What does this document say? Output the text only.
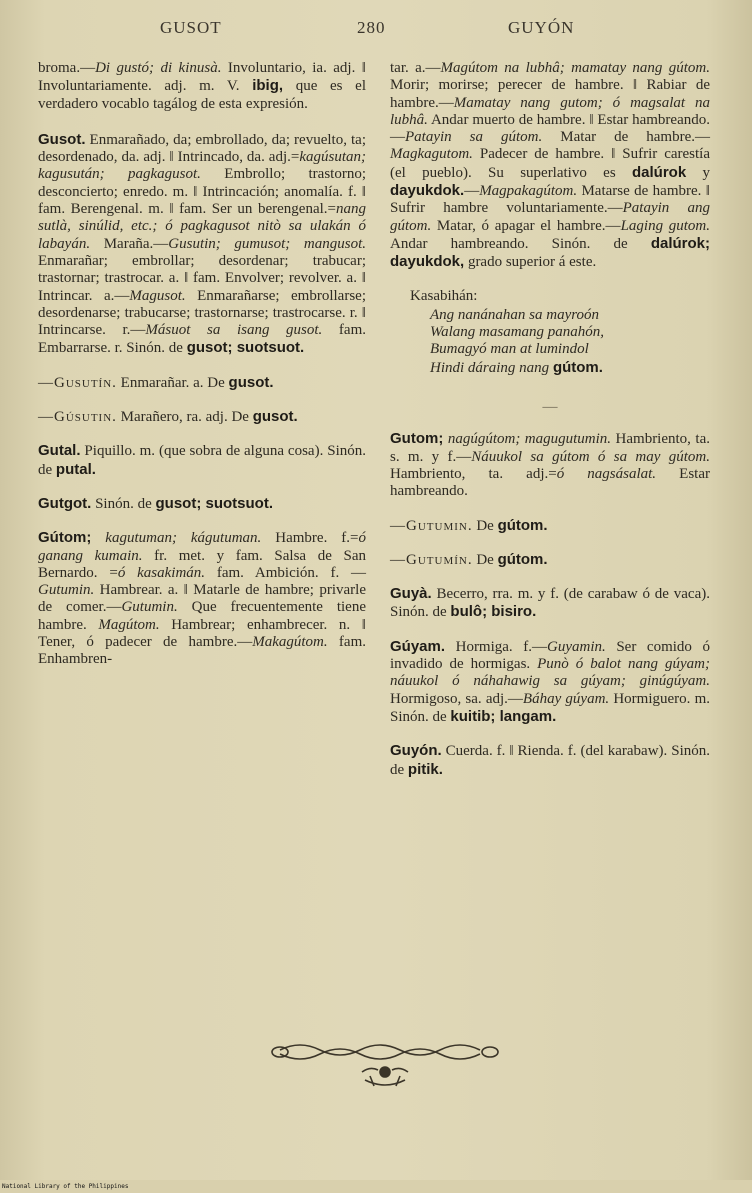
GUSOT	280	GUYÓN

broma.—Di gustó; di kinusà. Involuntario, ia. adj. ‖ Involuntariamente. adj. m. V. ibig, que es el verdadero vocablo tagálog de esta expresión.

Gusot. Enmarañado, da; embrollado, da; revuelto, ta; desordenado, da. adj. ‖ Intrincado, da. adj.=kagúsutan; kagusután; pagkagusot. Embrollo; trastorno; desconcierto; enredo. m. ‖ Intrincación; anomalía. f. ‖ fam. Berengenal. m. ‖ fam. Ser un berengenal.=nang sutlà, sinúlid, etc.; ó pagkagusot nitò sa ulakán ó labayán. Maraña.—Gusutin; gumusot; mangusot. Enmarañar; embrollar; desordenar; trabucar; trastornar; trastrocar. a. ‖ fam. Envolver; revolver. a. ‖ Intrincar. a.—Magusot. Enmarañarse; embrollarse; desordenarse; trabucarse; trastornarse; trastrocarse. r. ‖ Intrincarse. r.—Másuot sa isang gusot. fam. Embarrarse. r. Sinón. de gusot; suotsuot.

—Gusutín. Enmarañar. a. De gusot.

—Gúsutin. Marañero, ra. adj. De gusot.

Gutal. Piquillo. m. (que sobra de alguna cosa). Sinón. de putal.

Gutgot. Sinón. de gusot; suotsuot.

Gútom; kagutuman; kágutuman. Hambre. f.=ó ganang kumain. fr. met. y fam. Salsa de San Bernardo. =ó kasakimán. fam. Ambición. f. —Gutumin. Hambrear. a. ‖ Matarle de hambre; privarle de comer.—Gutumin. Que frecuentemente tiene hambre. Magútom. Hambrear; enhambrecer. n. ‖ Tener, ó padecer de hambre.—Makagútom. fam. Enhambren-

tar. a.—Magútom na lubhâ; mamatay nang gútom. Morir; morirse; perecer de hambre. ‖ Rabiar de hambre.—Mamatay nang gutom; ó magsalat na lubhâ. Andar muerto de hambre. ‖ Estar hambreando.—Patayin sa gútom. Matar de hambre.—Magkagutom. Padecer de hambre. ‖ Sufrir carestía (el pueblo). Su superlativo es dalúrok y dayukdok.—Magpakagútom. Matarse de hambre. ‖ Sufrir hambre voluntariamente.—Patayin ang gútom. Matar, ó apagar el hambre.—Laging gutom. Andar hambreando. Sinón. de dalúrok; dayukdok, grado superior á este.

Kasabihán:
Ang nanánahan sa mayroón
Walang masamang panahón,
Bumagyó man at lumindol
Hindi dáraing nang gútom.
—

Gutom; nagúgútom; magugutumin. Hambriento, ta. s. m. y f.—Náuukol sa gútom ó sa may gútom. Hambriento, ta. adj.=ó nagsásalat. Estar hambreando.

—Gutumin. De gútom.

—Gutumín. De gútom.

Guyà. Becerro, rra. m. y f. (de carabaw ó de vaca). Sinón. de bulô; bisiro.

Gúyam. Hormiga. f.—Guyamin. Ser comido ó invadido de hormigas. Punò ó balot nang gúyam; náuukol ó náhahawig sa gúyam; ginúgúyam. Hormigoso, sa. adj.—Báhay gúyam. Hormiguero. m. Sinón. de kuitib; langam.

Guyón. Cuerda. f. ‖ Rienda. f. (del karabaw). Sinón. de pitik.

National Library of the Philippines
